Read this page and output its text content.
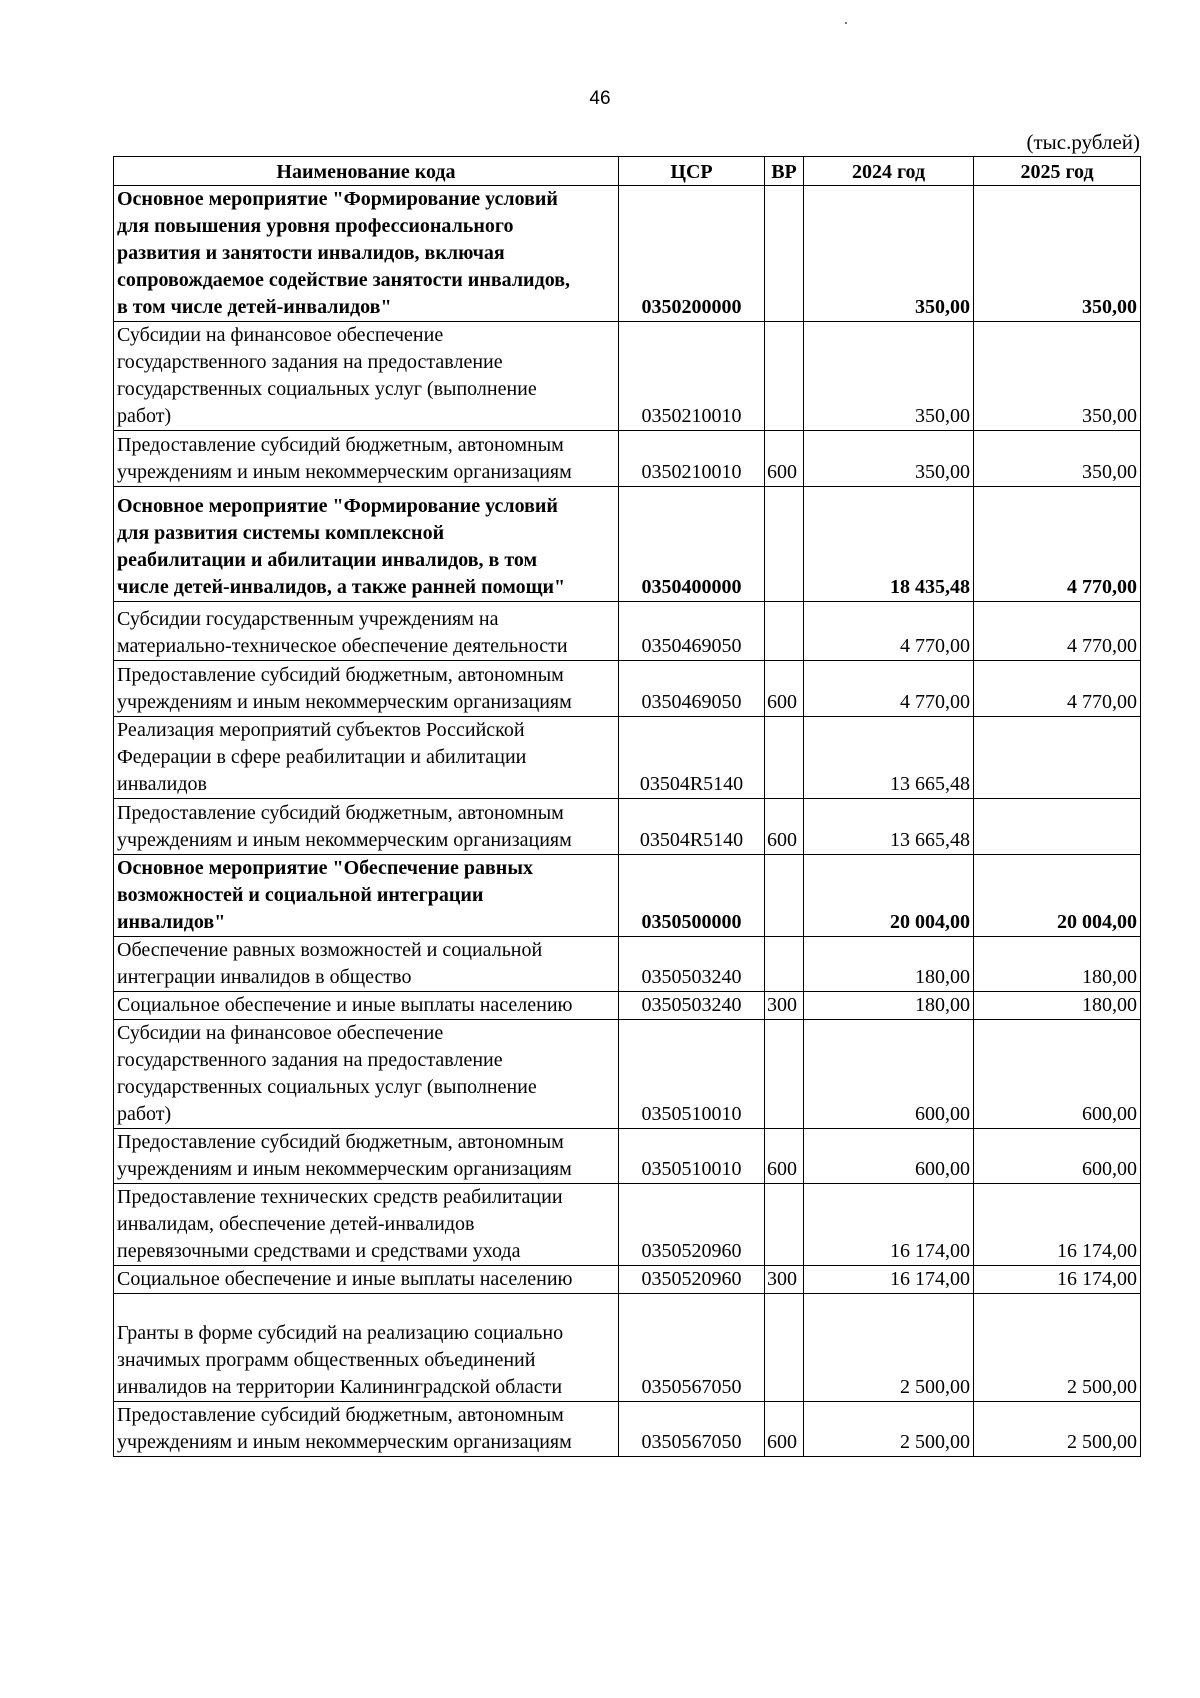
46
(тыс.рублей)
Наименование кода	ЦСР	ВР	2024 год	2025 год
Основное мероприятие "Формирование условий
для повышения уровня профессионального
развития и занятости инвалидов, включая
сопровождаемое содействие занятости инвалидов,
в том числе детей-инвалидов"	0350200000		350,00	350,00
Субсидии на финансовое обеспечение
государственного задания на предоставление
государственных социальных услуг (выполнение
работ)	0350210010		350,00	350,00
Предоставление субсидий бюджетным, автономным
учреждениям и иным некоммерческим организациям	0350210010	600	350,00	350,00
Основное мероприятие "Формирование условий
для развития системы комплексной
реабилитации и абилитации инвалидов, в том
числе детей-инвалидов, а также ранней помощи"	0350400000		18 435,48	4 770,00
Субсидии государственным учреждениям на
материально-техническое обеспечение деятельности	0350469050		4 770,00	4 770,00
Предоставление субсидий бюджетным, автономным
учреждениям и иным некоммерческим организациям	0350469050	600	4 770,00	4 770,00
Реализация мероприятий субъектов Российской
Федерации в сфере реабилитации и абилитации
инвалидов	03504R5140		13 665,48	
Предоставление субсидий бюджетным, автономным
учреждениям и иным некоммерческим организациям	03504R5140	600	13 665,48	
Основное мероприятие "Обеспечение равных
возможностей и социальной интеграции
инвалидов"	0350500000		20 004,00	20 004,00
Обеспечение равных возможностей и социальной
интеграции инвалидов в общество	0350503240		180,00	180,00
Социальное обеспечение и иные выплаты населению	0350503240	300	180,00	180,00
Субсидии на финансовое обеспечение
государственного задания на предоставление
государственных социальных услуг (выполнение
работ)	0350510010		600,00	600,00
Предоставление субсидий бюджетным, автономным
учреждениям и иным некоммерческим организациям	0350510010	600	600,00	600,00
Предоставление технических средств реабилитации
инвалидам, обеспечение детей-инвалидов
перевязочными средствами и средствами ухода	0350520960		16 174,00	16 174,00
Социальное обеспечение и иные выплаты населению	0350520960	300	16 174,00	16 174,00
Гранты в форме субсидий на реализацию социально
значимых программ общественных объединений
инвалидов на территории Калининградской области	0350567050		2 500,00	2 500,00
Предоставление субсидий бюджетным, автономным
учреждениям и иным некоммерческим организациям	0350567050	600	2 500,00	2 500,00
